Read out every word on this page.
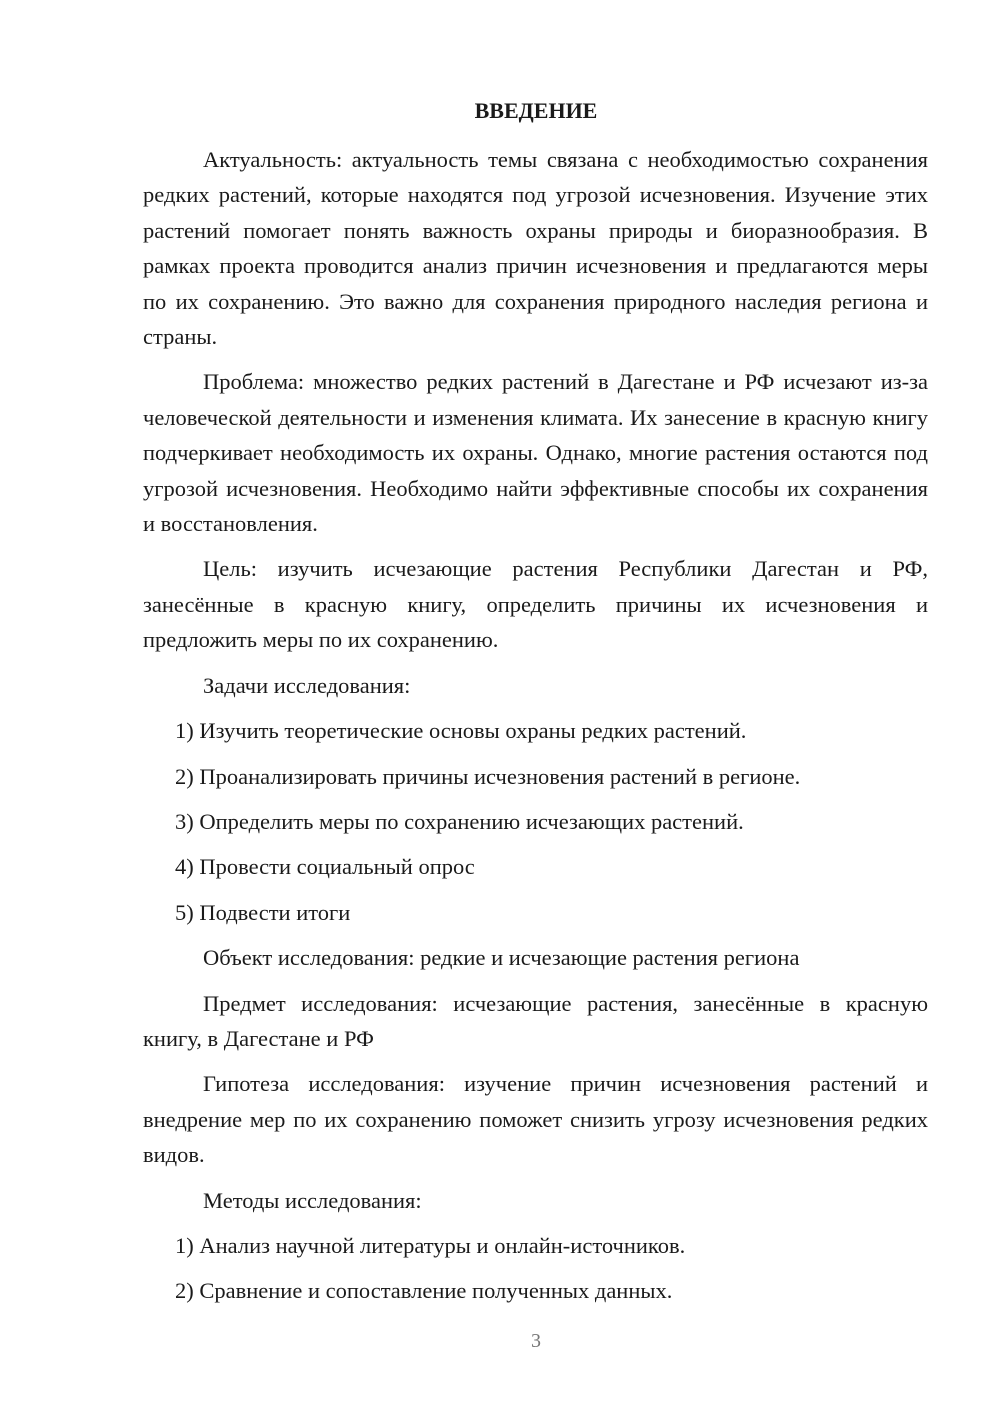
ВВЕДЕНИЕ

Актуальность: актуальность темы связана с необходимостью сохранения редких растений, которые находятся под угрозой исчезновения. Изучение этих растений помогает понять важность охраны природы и биоразнообразия. В рамках проекта проводится анализ причин исчезновения и предлагаются меры по их сохранению. Это важно для сохранения природного наследия региона и страны.

Проблема: множество редких растений в Дагестане и РФ исчезают из-за человеческой деятельности и изменения климата. Их занесение в красную книгу подчеркивает необходимость их охраны. Однако, многие растения остаются под угрозой исчезновения. Необходимо найти эффективные способы их сохранения и восстановления.

Цель: изучить исчезающие растения Республики Дагестан и РФ, занесённые в красную книгу, определить причины их исчезновения и предложить меры по их сохранению.

Задачи исследования:

1) Изучить теоретические основы охраны редких растений.

2) Проанализировать причины исчезновения растений в регионе.

3) Определить меры по сохранению исчезающих растений.

4) Провести социальный опрос

5) Подвести итоги

Объект исследования: редкие и исчезающие растения региона

Предмет исследования: исчезающие растения, занесённые в красную книгу, в Дагестане и РФ

Гипотеза исследования: изучение причин исчезновения растений и внедрение мер по их сохранению поможет снизить угрозу исчезновения редких видов.

Методы исследования:

1) Анализ научной литературы и онлайн-источников.

2) Сравнение и сопоставление полученных данных.

3
